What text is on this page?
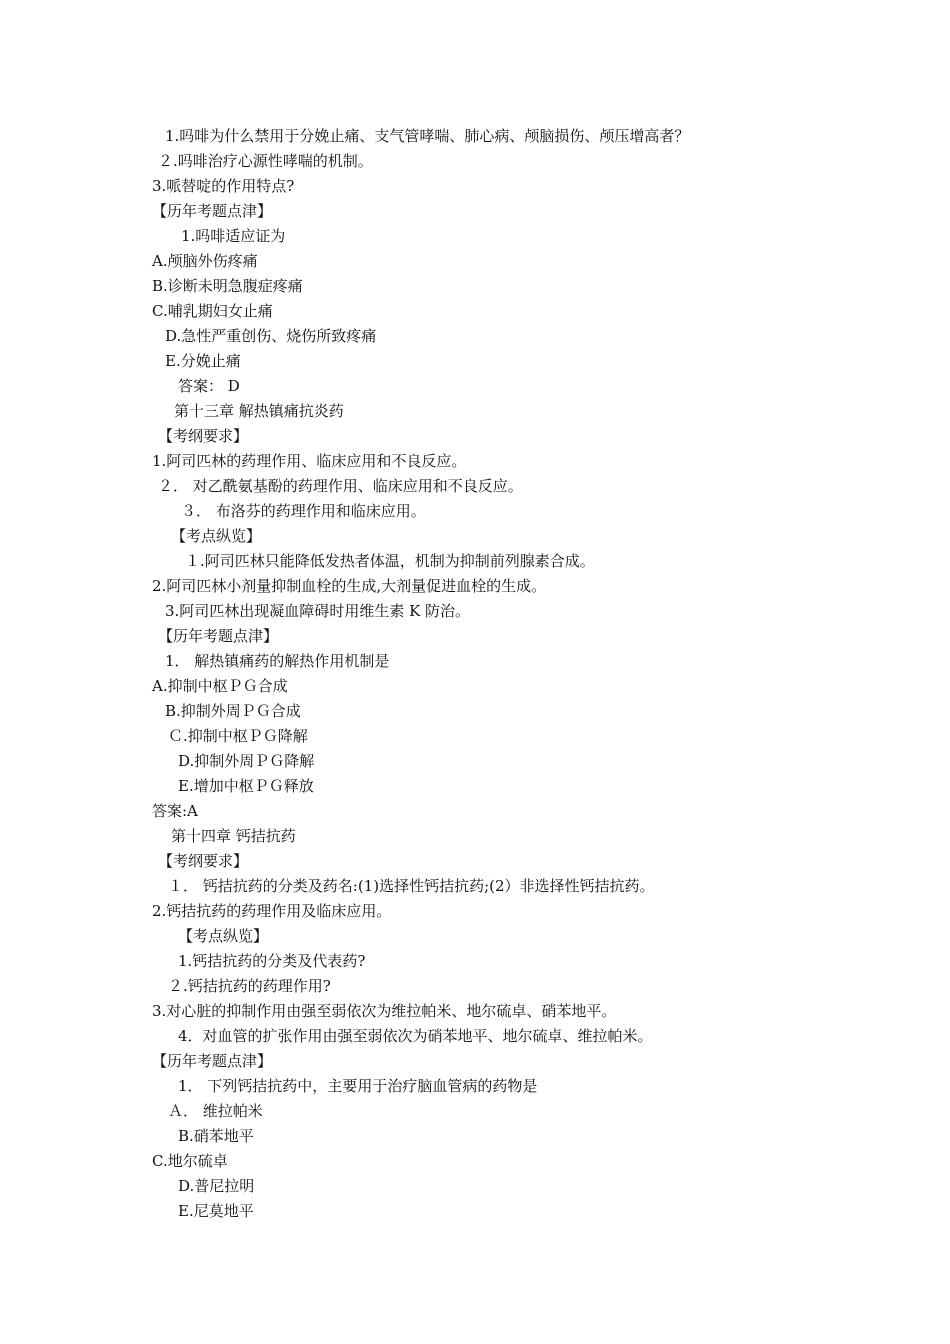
1.吗啡为什么禁用于分娩止痛、支气管哮喘、肺心病、颅脑损伤、颅压增高者？
２.吗啡治疗心源性哮喘的机制。
3.哌替啶的作用特点?
【历年考题点津】
1.吗啡适应证为
A.颅脑外伤疼痛
B.诊断未明急腹症疼痛
C.哺乳期妇女止痛
D.急性严重创伤、烧伤所致疼痛
E.分娩止痛
答案： D
第十三章 解热镇痛抗炎药
【考纲要求】
1.阿司匹林的药理作用、临床应用和不良反应。
２． 对乙酰氨基酚的药理作用、临床应用和不良反应。
３． 布洛芬的药理作用和临床应用。
【考点纵览】
１.阿司匹林只能降低发热者体温，机制为抑制前列腺素合成。
2.阿司匹林小剂量抑制血栓的生成,大剂量促进血栓的生成。
3.阿司匹林出现凝血障碍时用维生素 K 防治。
【历年考题点津】
1． 解热镇痛药的解热作用机制是
A.抑制中枢ＰＧ合成
B.抑制外周ＰＧ合成
Ｃ.抑制中枢ＰＧ降解
D.抑制外周ＰＧ降解
E.增加中枢ＰＧ释放
答案:A
第十四章 钙拮抗药
【考纲要求】
１． 钙拮抗药的分类及药名:(1)选择性钙拮抗药;(2）非选择性钙拮抗药。
2.钙拮抗药的药理作用及临床应用。
【考点纵览】
1.钙拮抗药的分类及代表药?
２.钙拮抗药的药理作用?
3.对心脏的抑制作用由强至弱依次为维拉帕米、地尔硫卓、硝苯地平。
4．对血管的扩张作用由强至弱依次为硝苯地平、地尔硫卓、维拉帕米。
【历年考题点津】
1． 下列钙拮抗药中，主要用于治疗脑血管病的药物是
Ａ． 维拉帕米
B.硝苯地平
C.地尔硫卓
D.普尼拉明
E.尼莫地平
